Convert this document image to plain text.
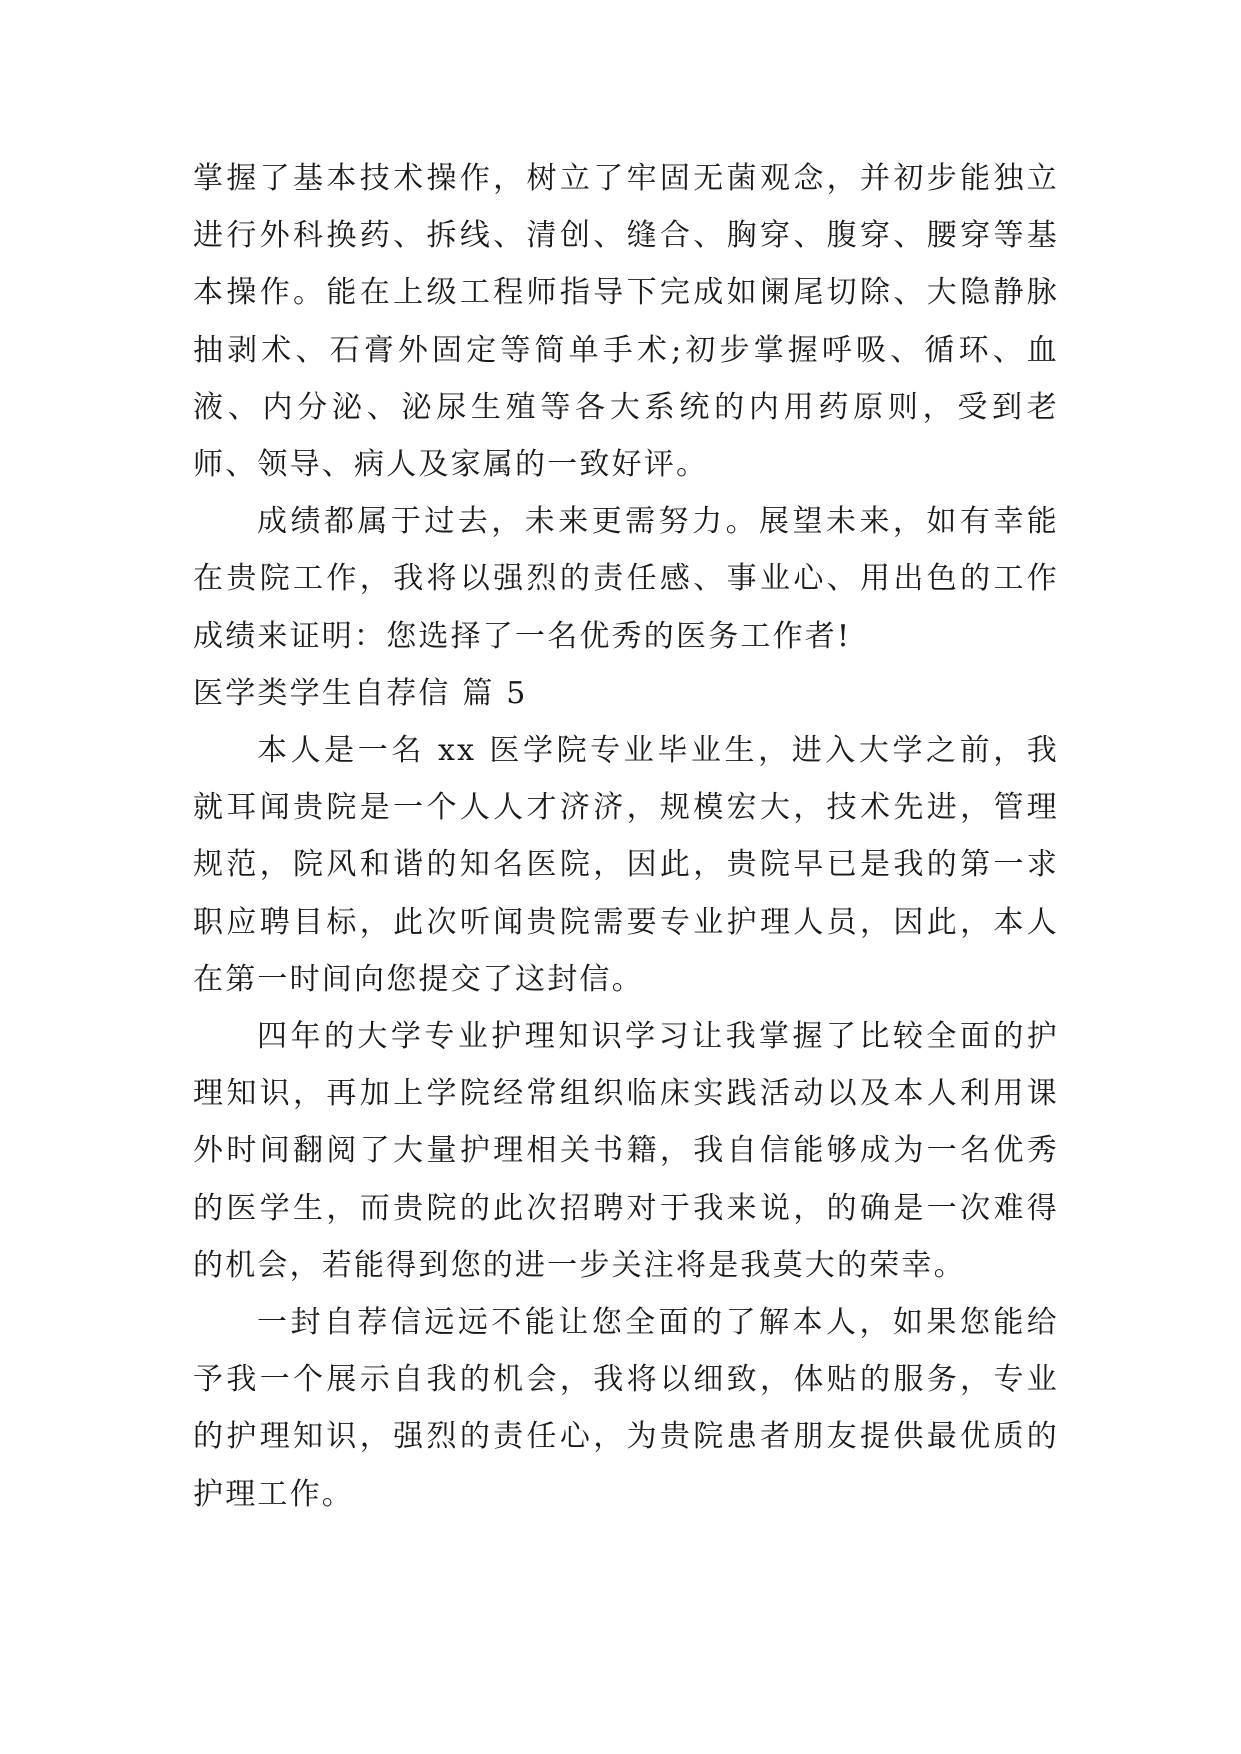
掌握了基本技术操作，树立了牢固无菌观念，并初步能独立进行外科换药、拆线、清创、缝合、胸穿、腹穿、腰穿等基本操作。能在上级工程师指导下完成如阑尾切除、大隐静脉抽剥术、石膏外固定等简单手术;初步掌握呼吸、循环、血液、内分泌、泌尿生殖等各大系统的内用药原则，受到老师、领导、病人及家属的一致好评。

成绩都属于过去，未来更需努力。展望未来，如有幸能在贵院工作，我将以强烈的责任感、事业心、用出色的工作成绩来证明：您选择了一名优秀的医务工作者!

医学类学生自荐信 篇 5

本人是一名 xx 医学院专业毕业生，进入大学之前，我就耳闻贵院是一个人人才济济，规模宏大，技术先进，管理规范，院风和谐的知名医院，因此，贵院早已是我的第一求职应聘目标，此次听闻贵院需要专业护理人员，因此，本人在第一时间向您提交了这封信。

四年的大学专业护理知识学习让我掌握了比较全面的护理知识，再加上学院经常组织临床实践活动以及本人利用课外时间翻阅了大量护理相关书籍，我自信能够成为一名优秀的医学生，而贵院的此次招聘对于我来说，的确是一次难得的机会，若能得到您的进一步关注将是我莫大的荣幸。

一封自荐信远远不能让您全面的了解本人，如果您能给予我一个展示自我的机会，我将以细致，体贴的服务，专业的护理知识，强烈的责任心，为贵院患者朋友提供最优质的护理工作。
